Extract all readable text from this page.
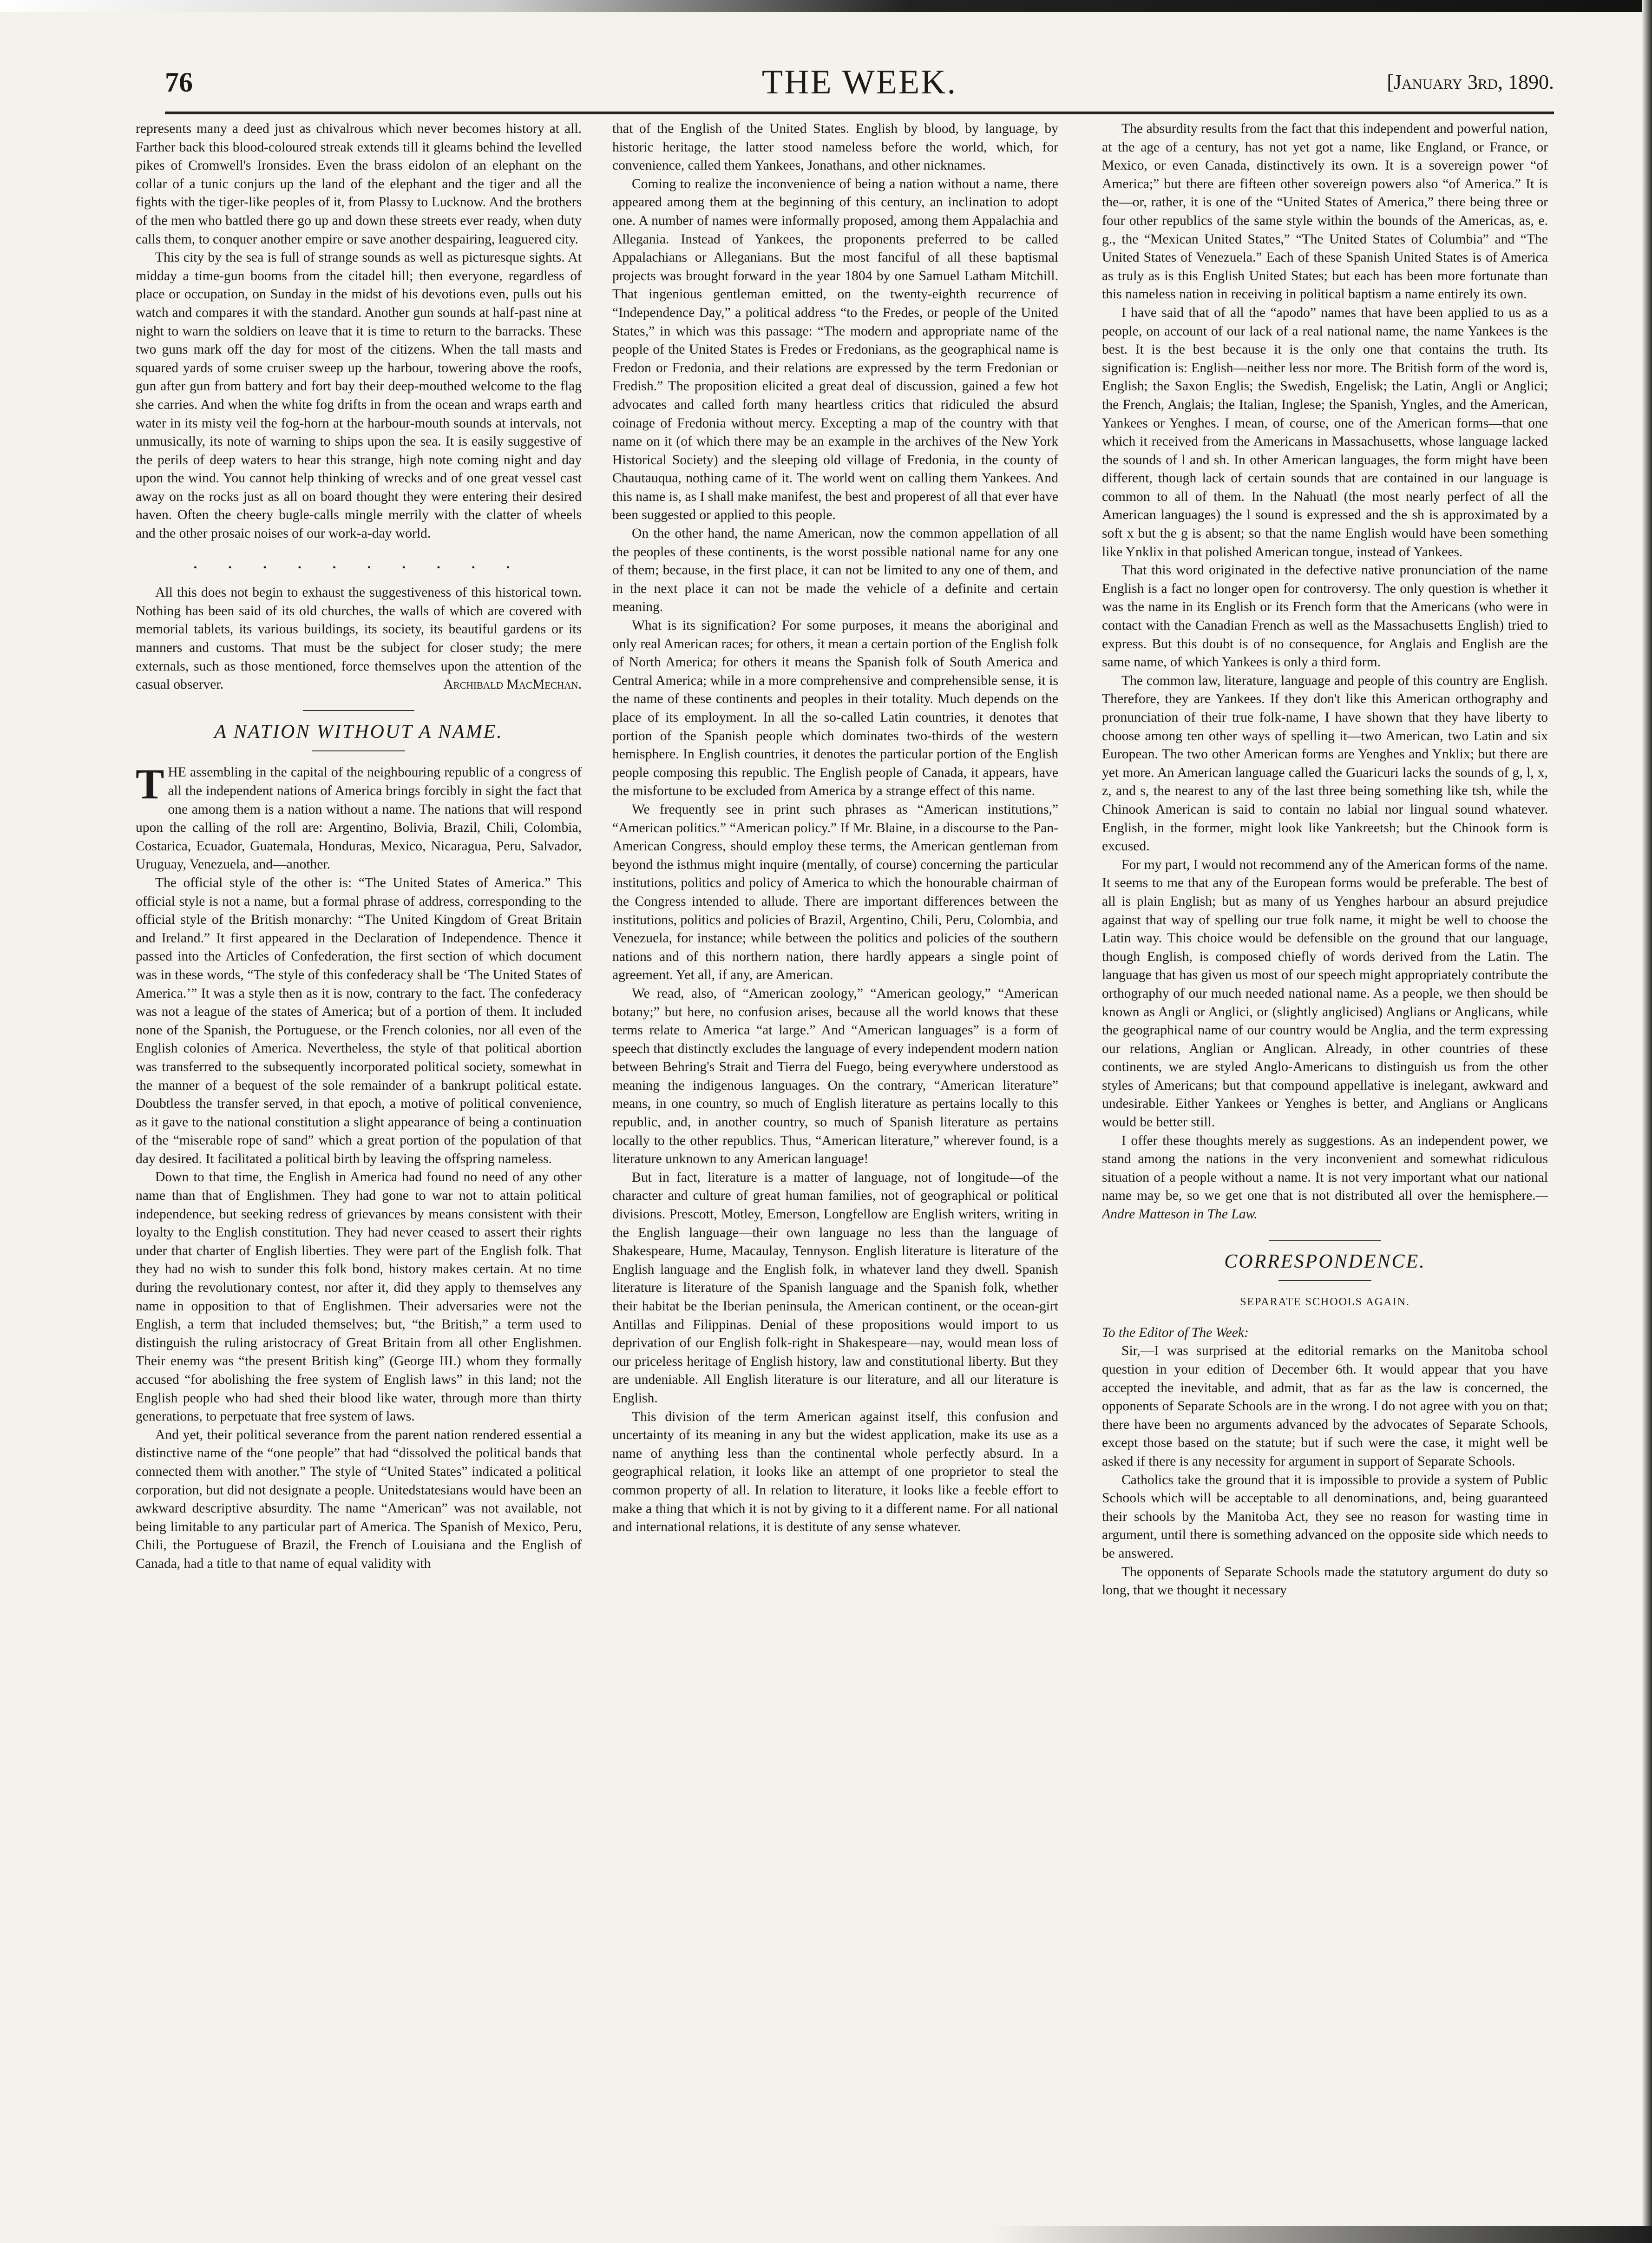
76	THE WEEK.	[January 3rd, 1890.

represents many a deed just as chivalrous which never becomes history at all. Farther back this blood-coloured streak extends till it gleams behind the levelled pikes of Cromwell's Ironsides. Even the brass eidolon of an elephant on the collar of a tunic conjurs up the land of the elephant and the tiger and all the fights with the tiger-like peoples of it, from Plassy to Lucknow. And the brothers of the men who battled there go up and down these streets ever ready, when duty calls them, to conquer another empire or save another despairing, leaguered city.

This city by the sea is full of strange sounds as well as picturesque sights. At midday a time-gun booms from the citadel hill; then everyone, regardless of place or occupation, on Sunday in the midst of his devotions even, pulls out his watch and compares it with the standard. Another gun sounds at half-past nine at night to warn the soldiers on leave that it is time to return to the barracks. These two guns mark off the day for most of the citizens. When the tall masts and squared yards of some cruiser sweep up the harbour, towering above the roofs, gun after gun from battery and fort bay their deep-mouthed welcome to the flag she carries. And when the white fog drifts in from the ocean and wraps earth and water in its misty veil the fog-horn at the harbour-mouth sounds at intervals, not unmusically, its note of warning to ships upon the sea. It is easily suggestive of the perils of deep waters to hear this strange, high note coming night and day upon the wind. You cannot help thinking of wrecks and of one great vessel cast away on the rocks just as all on board thought they were entering their desired haven. Often the cheery bugle-calls mingle merrily with the clatter of wheels and the other prosaic noises of our work-a-day world.

. . . . . . . . . .

All this does not begin to exhaust the suggestiveness of this historical town. Nothing has been said of its old churches, the walls of which are covered with memorial tablets, its various buildings, its society, its beautiful gardens or its manners and customs. That must be the subject for closer study; the mere externals, such as those mentioned, force themselves upon the attention of the casual observer.	Archibald MacMechan.
A NATION WITHOUT A NAME.

THE assembling in the capital of the neighbouring republic of a congress of all the independent nations of America brings forcibly in sight the fact that one among them is a nation without a name. The nations that will respond upon the calling of the roll are: Argentino, Bolivia, Brazil, Chili, Colombia, Costarica, Ecuador, Guatemala, Honduras, Mexico, Nicaragua, Peru, Salvador, Uruguay, Venezuela, and—another.

The official style of the other is: “The United States of America.” This official style is not a name, but a formal phrase of address, corresponding to the official style of the British monarchy: “The United Kingdom of Great Britain and Ireland.” It first appeared in the Declaration of Independence. Thence it passed into the Articles of Confederation, the first section of which document was in these words, “The style of this confederacy shall be ‘The United States of America.’” It was a style then as it is now, contrary to the fact. The confederacy was not a league of the states of America; but of a portion of them. It included none of the Spanish, the Portuguese, or the French colonies, nor all even of the English colonies of America. Nevertheless, the style of that political abortion was transferred to the subsequently incorporated political society, somewhat in the manner of a bequest of the sole remainder of a bankrupt political estate. Doubtless the transfer served, in that epoch, a motive of political convenience, as it gave to the national constitution a slight appearance of being a continuation of the “miserable rope of sand” which a great portion of the population of that day desired. It facilitated a political birth by leaving the offspring nameless.

Down to that time, the English in America had found no need of any other name than that of Englishmen. They had gone to war not to attain political independence, but seeking redress of grievances by means consistent with their loyalty to the English constitution. They had never ceased to assert their rights under that charter of English liberties. They were part of the English folk. That they had no wish to sunder this folk bond, history makes certain. At no time during the revolutionary contest, nor after it, did they apply to themselves any name in opposition to that of Englishmen. Their adversaries were not the English, a term that included themselves; but, “the British,” a term used to distinguish the ruling aristocracy of Great Britain from all other Englishmen. Their enemy was “the present British king” (George III.) whom they formally accused “for abolishing the free system of English laws” in this land; not the English people who had shed their blood like water, through more than thirty generations, to perpetuate that free system of laws.

And yet, their political severance from the parent nation rendered essential a distinctive name of the “one people” that had “dissolved the political bands that connected them with another.” The style of “United States” indicated a political corporation, but did not designate a people. Unitedstatesians would have been an awkward descriptive absurdity. The name “American” was not available, not being limitable to any particular part of America. The Spanish of Mexico, Peru, Chili, the Portuguese of Brazil, the French of Louisiana and the English of Canada, had a title to that name of equal validity with

that of the English of the United States. English by blood, by language, by historic heritage, the latter stood nameless before the world, which, for convenience, called them Yankees, Jonathans, and other nicknames.

Coming to realize the inconvenience of being a nation without a name, there appeared among them at the beginning of this century, an inclination to adopt one. A number of names were informally proposed, among them Appalachia and Allegania. Instead of Yankees, the proponents preferred to be called Appalachians or Alleganians. But the most fanciful of all these baptismal projects was brought forward in the year 1804 by one Samuel Latham Mitchill. That ingenious gentleman emitted, on the twenty-eighth recurrence of “Independence Day,” a political address “to the Fredes, or people of the United States,” in which was this passage: “The modern and appropriate name of the people of the United States is Fredes or Fredonians, as the geographical name is Fredon or Fredonia, and their relations are expressed by the term Fredonian or Fredish.” The proposition elicited a great deal of discussion, gained a few hot advocates and called forth many heartless critics that ridiculed the absurd coinage of Fredonia without mercy. Excepting a map of the country with that name on it (of which there may be an example in the archives of the New York Historical Society) and the sleeping old village of Fredonia, in the county of Chautauqua, nothing came of it. The world went on calling them Yankees. And this name is, as I shall make manifest, the best and properest of all that ever have been suggested or applied to this people.

On the other hand, the name American, now the common appellation of all the peoples of these continents, is the worst possible national name for any one of them; because, in the first place, it can not be limited to any one of them, and in the next place it can not be made the vehicle of a definite and certain meaning.

What is its signification? For some purposes, it means the aboriginal and only real American races; for others, it mean a certain portion of the English folk of North America; for others it means the Spanish folk of South America and Central America; while in a more comprehensive and comprehensible sense, it is the name of these continents and peoples in their totality. Much depends on the place of its employment. In all the so-called Latin countries, it denotes that portion of the Spanish people which dominates two-thirds of the western hemisphere. In English countries, it denotes the particular portion of the English people composing this republic. The English people of Canada, it appears, have the misfortune to be excluded from America by a strange effect of this name.

We frequently see in print such phrases as “American institutions,” “American politics.” “American policy.” If Mr. Blaine, in a discourse to the Pan-American Congress, should employ these terms, the American gentleman from beyond the isthmus might inquire (mentally, of course) concerning the particular institutions, politics and policy of America to which the honourable chairman of the Congress intended to allude. There are important differences between the institutions, politics and policies of Brazil, Argentino, Chili, Peru, Colombia, and Venezuela, for instance; while between the politics and policies of the southern nations and of this northern nation, there hardly appears a single point of agreement. Yet all, if any, are American.

We read, also, of “American zoology,” “American geology,” “American botany;” but here, no confusion arises, because all the world knows that these terms relate to America “at large.” And “American languages” is a form of speech that distinctly excludes the language of every independent modern nation between Behring's Strait and Tierra del Fuego, being everywhere understood as meaning the indigenous languages. On the contrary, “American literature” means, in one country, so much of English literature as pertains locally to this republic, and, in another country, so much of Spanish literature as pertains locally to the other republics. Thus, “American literature,” wherever found, is a literature unknown to any American language!

But in fact, literature is a matter of language, not of longitude—of the character and culture of great human families, not of geographical or political divisions. Prescott, Motley, Emerson, Longfellow are English writers, writing in the English language—their own language no less than the language of Shakespeare, Hume, Macaulay, Tennyson. English literature is literature of the English language and the English folk, in whatever land they dwell. Spanish literature is literature of the Spanish language and the Spanish folk, whether their habitat be the Iberian peninsula, the American continent, or the ocean-girt Antillas and Filippinas. Denial of these propositions would import to us deprivation of our English folk-right in Shakespeare—nay, would mean loss of our priceless heritage of English history, law and constitutional liberty. But they are undeniable. All English literature is our literature, and all our literature is English.

This division of the term American against itself, this confusion and uncertainty of its meaning in any but the widest application, make its use as a name of anything less than the continental whole perfectly absurd. In a geographical relation, it looks like an attempt of one proprietor to steal the common property of all. In relation to literature, it looks like a feeble effort to make a thing that which it is not by giving to it a different name. For all national and international relations, it is destitute of any sense whatever.

The absurdity results from the fact that this independent and powerful nation, at the age of a century, has not yet got a name, like England, or France, or Mexico, or even Canada, distinctively its own. It is a sovereign power “of America;” but there are fifteen other sovereign powers also “of America.” It is the—or, rather, it is one of the “United States of America,” there being three or four other republics of the same style within the bounds of the Americas, as, e. g., the “Mexican United States,” “The United States of Columbia” and “The United States of Venezuela.” Each of these Spanish United States is of America as truly as is this English United States; but each has been more fortunate than this nameless nation in receiving in political baptism a name entirely its own.

I have said that of all the “apodo” names that have been applied to us as a people, on account of our lack of a real national name, the name Yankees is the best. It is the best because it is the only one that contains the truth. Its signification is: English—neither less nor more. The British form of the word is, English; the Saxon Englis; the Swedish, Engelisk; the Latin, Angli or Anglici; the French, Anglais; the Italian, Inglese; the Spanish, Yngles, and the American, Yankees or Yenghes. I mean, of course, one of the American forms—that one which it received from the Americans in Massachusetts, whose language lacked the sounds of l and sh. In other American languages, the form might have been different, though lack of certain sounds that are contained in our language is common to all of them. In the Nahuatl (the most nearly perfect of all the American languages) the l sound is expressed and the sh is approximated by a soft x but the g is absent; so that the name English would have been something like Ynklix in that polished American tongue, instead of Yankees.

That this word originated in the defective native pronunciation of the name English is a fact no longer open for controversy. The only question is whether it was the name in its English or its French form that the Americans (who were in contact with the Canadian French as well as the Massachusetts English) tried to express. But this doubt is of no consequence, for Anglais and English are the same name, of which Yankees is only a third form.

The common law, literature, language and people of this country are English. Therefore, they are Yankees. If they don't like this American orthography and pronunciation of their true folk-name, I have shown that they have liberty to choose among ten other ways of spelling it—two American, two Latin and six European. The two other American forms are Yenghes and Ynklix; but there are yet more. An American language called the Guaricuri lacks the sounds of g, l, x, z, and s, the nearest to any of the last three being something like tsh, while the Chinook American is said to contain no labial nor lingual sound whatever. English, in the former, might look like Yankreetsh; but the Chinook form is excused.

For my part, I would not recommend any of the American forms of the name. It seems to me that any of the European forms would be preferable. The best of all is plain English; but as many of us Yenghes harbour an absurd prejudice against that way of spelling our true folk name, it might be well to choose the Latin way. This choice would be defensible on the ground that our language, though English, is composed chiefly of words derived from the Latin. The language that has given us most of our speech might appropriately contribute the orthography of our much needed national name. As a people, we then should be known as Angli or Anglici, or (slightly anglicised) Anglians or Anglicans, while the geographical name of our country would be Anglia, and the term expressing our relations, Anglian or Anglican. Already, in other countries of these continents, we are styled Anglo-Americans to distinguish us from the other styles of Americans; but that compound appellative is inelegant, awkward and undesirable. Either Yankees or Yenghes is better, and Anglians or Anglicans would be better still.

I offer these thoughts merely as suggestions. As an independent power, we stand among the nations in the very inconvenient and somewhat ridiculous situation of a people without a name. It is not very important what our national name may be, so we get one that is not distributed all over the hemisphere.—Andre Matteson in The Law.

CORRESPONDENCE.
SEPARATE SCHOOLS AGAIN.

To the Editor of The Week:

Sir,—I was surprised at the editorial remarks on the Manitoba school question in your edition of December 6th. It would appear that you have accepted the inevitable, and admit, that as far as the law is concerned, the opponents of Separate Schools are in the wrong. I do not agree with you on that; there have been no arguments advanced by the advocates of Separate Schools, except those based on the statute; but if such were the case, it might well be asked if there is any necessity for argument in support of Separate Schools.

Catholics take the ground that it is impossible to provide a system of Public Schools which will be acceptable to all denominations, and, being guaranteed their schools by the Manitoba Act, they see no reason for wasting time in argument, until there is something advanced on the opposite side which needs to be answered.

The opponents of Separate Schools made the statutory argument do duty so long, that we thought it necessary
